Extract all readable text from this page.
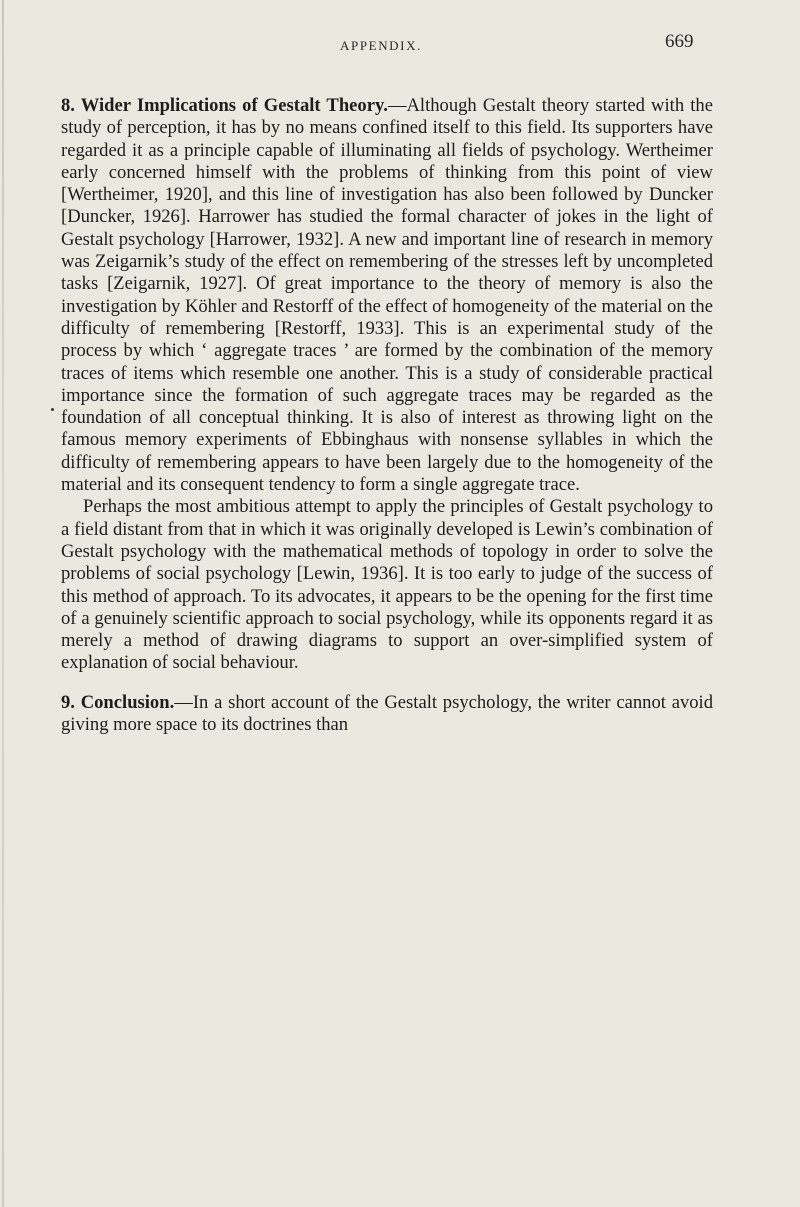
APPENDIX.	669

8. Wider Implications of Gestalt Theory.—Although Gestalt theory started with the study of perception, it has by no means confined itself to this field. Its supporters have regarded it as a principle capable of illuminating all fields of psychology. Wertheimer early concerned himself with the problems of thinking from this point of view [Wertheimer, 1920], and this line of investigation has also been followed by Duncker [Duncker, 1926]. Harrower has studied the formal character of jokes in the light of Gestalt psychology [Harrower, 1932]. A new and important line of research in memory was Zeigarnik’s study of the effect on remembering of the stresses left by uncompleted tasks [Zeigarnik, 1927]. Of great importance to the theory of memory is also the investigation by Köhler and Restorff of the effect of homogeneity of the material on the difficulty of remembering [Restorff, 1933]. This is an experimental study of the process by which ‘ aggregate traces ’ are formed by the combination of the memory traces of items which resemble one another. This is a study of considerable practical importance since the formation of such aggregate traces may be regarded as the foundation of all conceptual thinking. It is also of interest as throwing light on the famous memory experiments of Ebbinghaus with nonsense syllables in which the difficulty of remembering appears to have been largely due to the homogeneity of the material and its consequent tendency to form a single aggregate trace.

Perhaps the most ambitious attempt to apply the principles of Gestalt psychology to a field distant from that in which it was originally developed is Lewin’s combination of Gestalt psychology with the mathematical methods of topology in order to solve the problems of social psychology [Lewin, 1936]. It is too early to judge of the success of this method of approach. To its advocates, it appears to be the opening for the first time of a genuinely scientific approach to social psychology, while its opponents regard it as merely a method of drawing diagrams to support an over-simplified system of explanation of social behaviour.

9. Conclusion.—In a short account of the Gestalt psychology, the writer cannot avoid giving more space to its doctrines than
